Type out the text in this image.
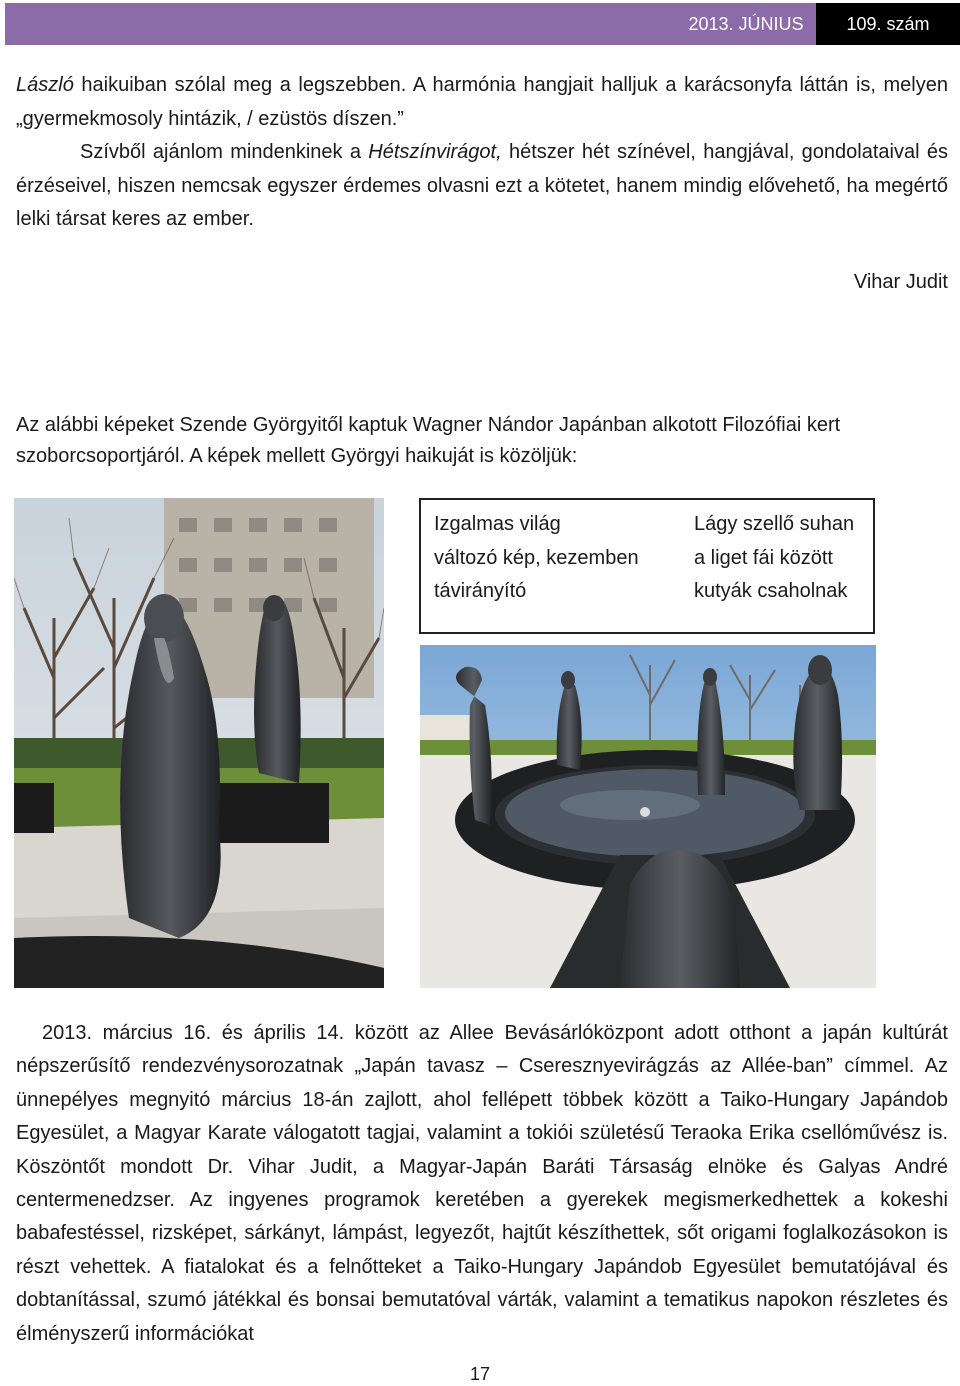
2013. JÚNIUS	109. szám

László haikuiban szólal meg a legszebben. A harmónia hangjait halljuk a karácsonyfa láttán is, melyen „gyermekmosoly hintázik, / ezüstös díszen.”

Szívből ajánlom mindenkinek a Hétszínvirágot, hétszer hét színével, hangjával, gondolataival és érzéseivel, hiszen nemcsak egyszer érdemes olvasni ezt a kötetet, hanem mindig elővehető, ha megértő lelki társat keres az ember.

Vihar Judit

Az alábbi képeket Szende Györgyitől kaptuk Wagner Nándor Japánban alkotott Filozófiai kert szoborcsoportjáról. A képek mellett Györgyi haikuját is közöljük:

Izgalmas világ
változó kép, kezemben
távirányító
Lágy szellő suhan
a liget fái között
kutyák csaholnak

2013. március 16. és április 14. között az Allee Bevásárlóközpont adott otthont a japán kultúrát népszerűsítő rendezvénysorozatnak „Japán tavasz – Cseresznyevirágzás az Allée-ban” címmel. Az ünnepélyes megnyitó március 18-án zajlott, ahol fellépett többek között a Taiko-Hungary Japándob Egyesület, a Magyar Karate válogatott tagjai, valamint a tokiói születésű Teraoka Erika csellóművész is. Köszöntőt mondott Dr. Vihar Judit, a Magyar-Japán Baráti Társaság elnöke és Galyas André centermenedzser. Az ingyenes programok keretében a gyerekek megismerkedhettek a kokeshi babafestéssel, rizsképet, sárkányt, lámpást, legyezőt, hajtűt készíthettek, sőt origami foglalkozásokon is részt vehettek. A fiatalokat és a felnőtteket a Taiko-Hungary Japándob Egyesület bemutatójával és dobtanítással, szumó játékkal és bonsai bemutatóval várták, valamint a tematikus napokon részletes és élményszerű információkat

17
